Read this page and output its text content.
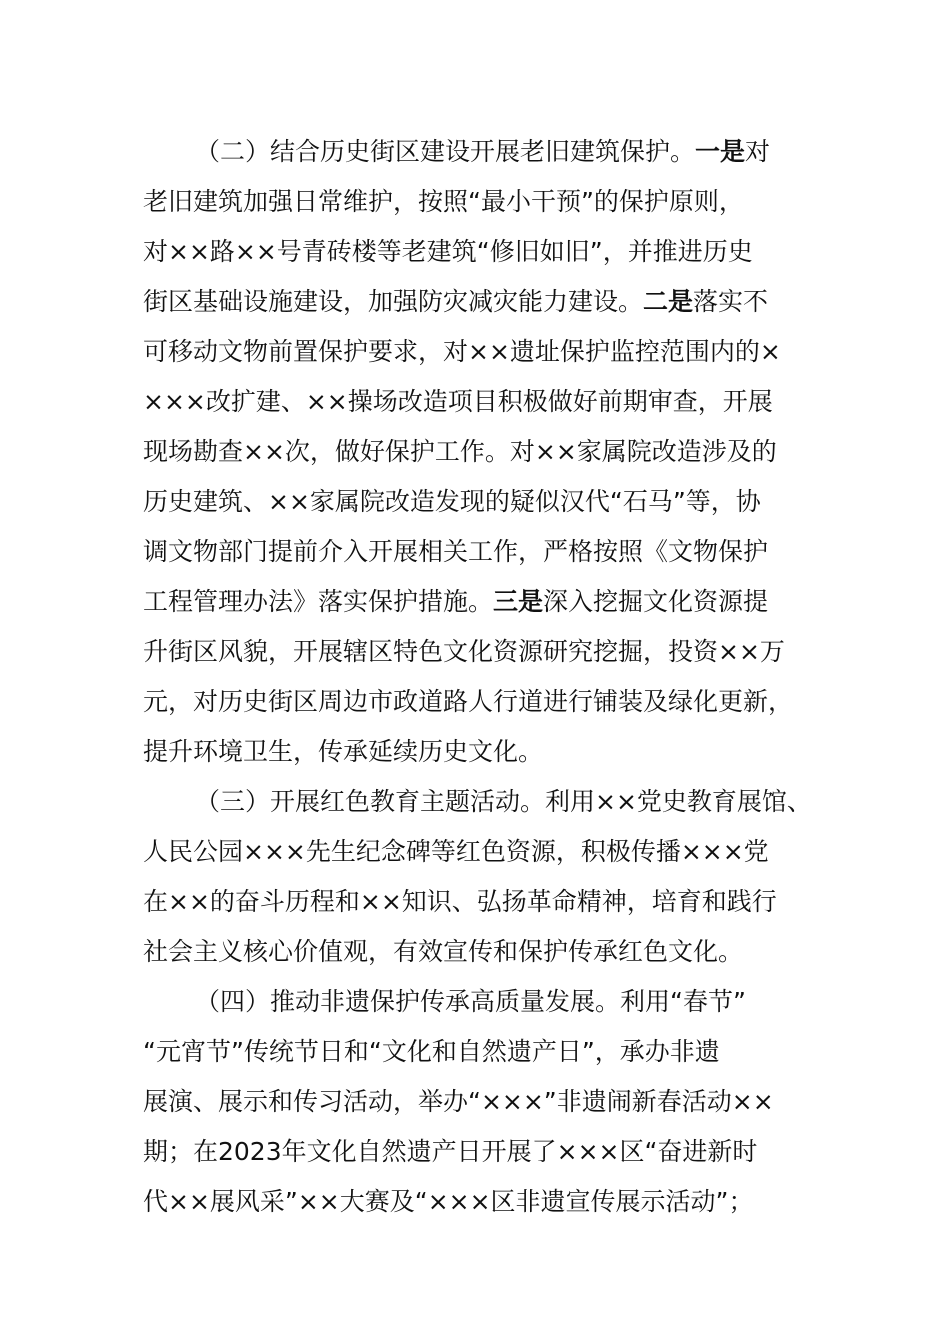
（二）结合历史街区建设开展老旧建筑保护。一是对
老旧建筑加强日常维护，按照“最小干预”的保护原则，
对××路××号青砖楼等老建筑“修旧如旧”，并推进历史
街区基础设施建设，加强防灾减灾能力建设。二是落实不
可移动文物前置保护要求，对××遗址保护监控范围内的×
×××改扩建、××操场改造项目积极做好前期审查，开展
现场勘查××次，做好保护工作。对××家属院改造涉及的
历史建筑、××家属院改造发现的疑似汉代“石马”等，协
调文物部门提前介入开展相关工作，严格按照《文物保护
工程管理办法》落实保护措施。三是深入挖掘文化资源提
升街区风貌，开展辖区特色文化资源研究挖掘，投资××万
元，对历史街区周边市政道路人行道进行铺装及绿化更新，
提升环境卫生，传承延续历史文化。
（三）开展红色教育主题活动。利用××党史教育展馆、
人民公园×××先生纪念碑等红色资源，积极传播×××党
在××的奋斗历程和××知识、弘扬革命精神，培育和践行
社会主义核心价值观，有效宣传和保护传承红色文化。
（四）推动非遗保护传承高质量发展。利用“春节”
“元宵节”传统节日和“文化和自然遗产日”，承办非遗
展演、展示和传习活动，举办“×××”非遗闹新春活动××
期；在2023年文化自然遗产日开展了×××区“奋进新时
代××展风采”××大赛及“×××区非遗宣传展示活动”；
